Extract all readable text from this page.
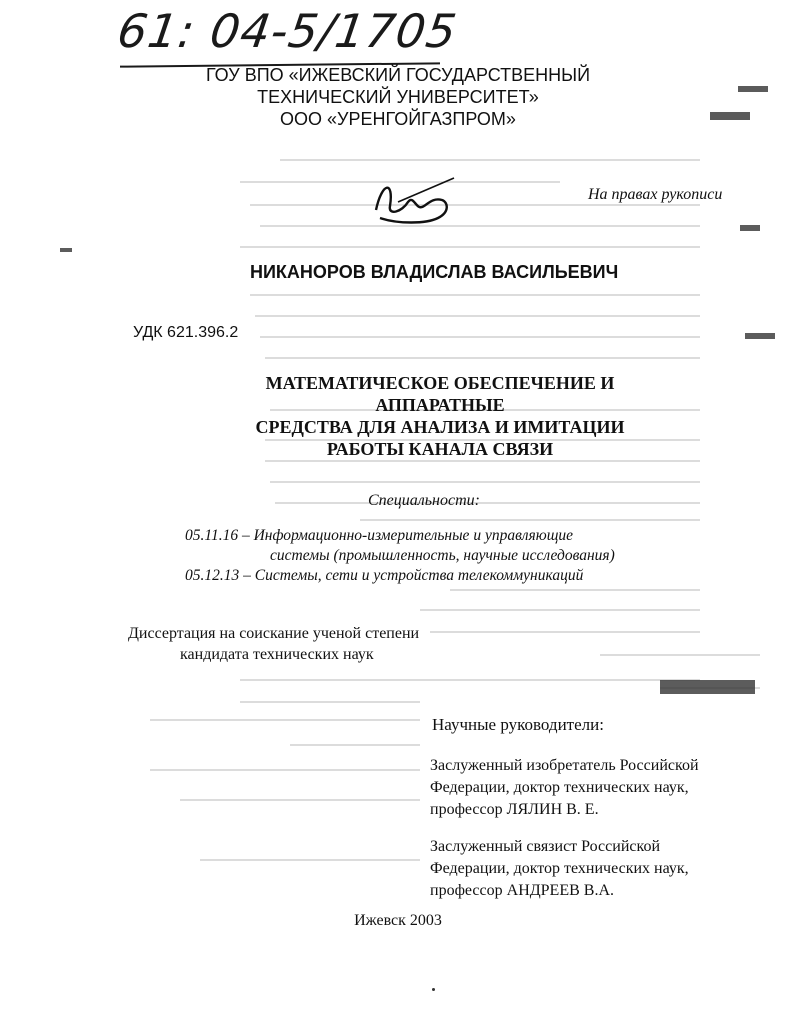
61: 04-5/1705
ГОУ ВПО «ИЖЕВСКИЙ ГОСУДАРСТВЕННЫЙ
ТЕХНИЧЕСКИЙ УНИВЕРСИТЕТ»
ООО «УРЕНГОЙГАЗПРОМ»
На правах рукописи
НИКАНОРОВ ВЛАДИСЛАВ ВАСИЛЬЕВИЧ
УДК 621.396.2
МАТЕМАТИЧЕСКОЕ ОБЕСПЕЧЕНИЕ И АППАРАТНЫЕ
СРЕДСТВА ДЛЯ АНАЛИЗА И ИМИТАЦИИ
РАБОТЫ КАНАЛА СВЯЗИ
Специальности:
05.11.16 – Информационно-измерительные и управляющие
системы (промышленность, научные исследования)
05.12.13 – Системы, сети и устройства телекоммуникаций
Диссертация на соискание ученой степени
кандидата технических наук
Научные руководители:
Заслуженный изобретатель Российской
Федерации, доктор технических наук,
профессор ЛЯЛИН В. Е.
Заслуженный связист Российской
Федерации, доктор технических наук,
профессор АНДРЕЕВ В.А.
Ижевск 2003
